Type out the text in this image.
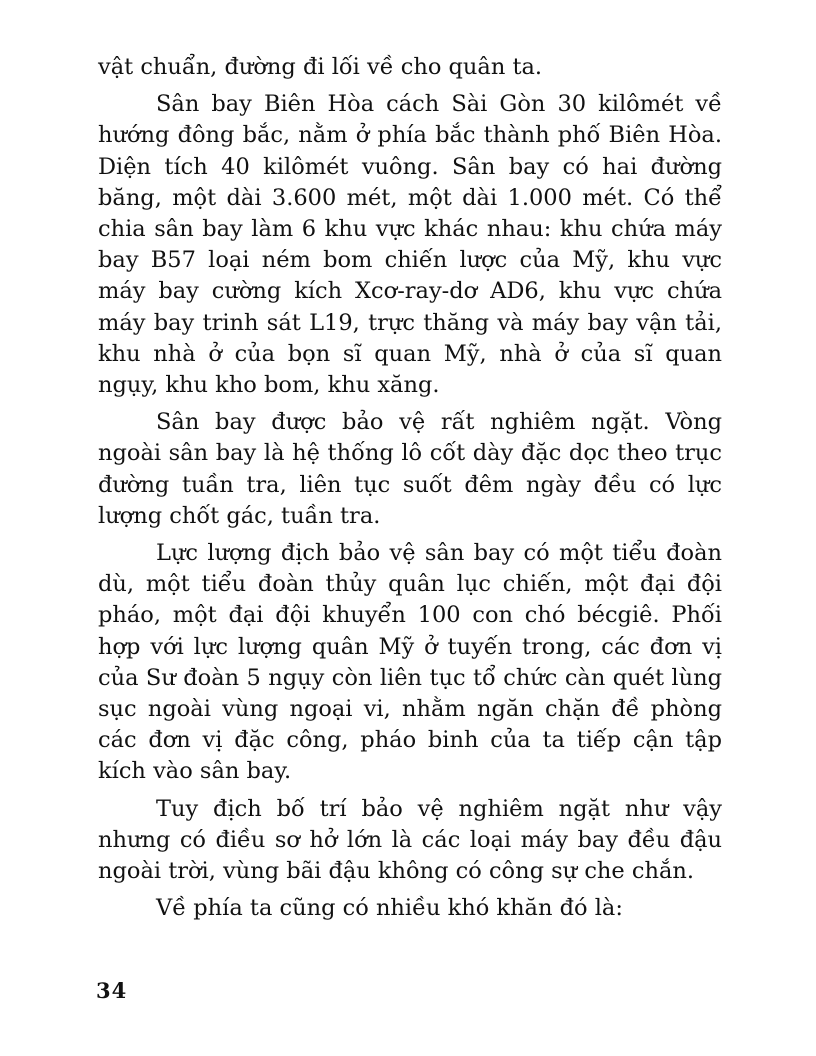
vật chuẩn, đường đi lối về cho quân ta.

Sân bay Biên Hòa cách Sài Gòn 30 kilômét về hướng đông bắc, nằm ở phía bắc thành phố Biên Hòa. Diện tích 40 kilômét vuông. Sân bay có hai đường băng, một dài 3.600 mét, một dài 1.000 mét. Có thể chia sân bay làm 6 khu vực khác nhau: khu chứa máy bay B57 loại ném bom chiến lược của Mỹ, khu vực máy bay cường kích Xcơ-ray-dơ AD6, khu vực chứa máy bay trinh sát L19, trực thăng và máy bay vận tải, khu nhà ở của bọn sĩ quan Mỹ, nhà ở của sĩ quan ngụy, khu kho bom, khu xăng.

Sân bay được bảo vệ rất nghiêm ngặt. Vòng ngoài sân bay là hệ thống lô cốt dày đặc dọc theo trục đường tuần tra, liên tục suốt đêm ngày đều có lực lượng chốt gác, tuần tra.

Lực lượng địch bảo vệ sân bay có một tiểu đoàn dù, một tiểu đoàn thủy quân lục chiến, một đại đội pháo, một đại đội khuyển 100 con chó bécgiê. Phối hợp với lực lượng quân Mỹ ở tuyến trong, các đơn vị của Sư đoàn 5 ngụy còn liên tục tổ chức càn quét lùng sục ngoài vùng ngoại vi, nhằm ngăn chặn đề phòng các đơn vị đặc công, pháo binh của ta tiếp cận tập kích vào sân bay.

Tuy địch bố trí bảo vệ nghiêm ngặt như vậy nhưng có điều sơ hở lớn là các loại máy bay đều đậu ngoài trời, vùng bãi đậu không có công sự che chắn.

Về phía ta cũng có nhiều khó khăn đó là:

34
